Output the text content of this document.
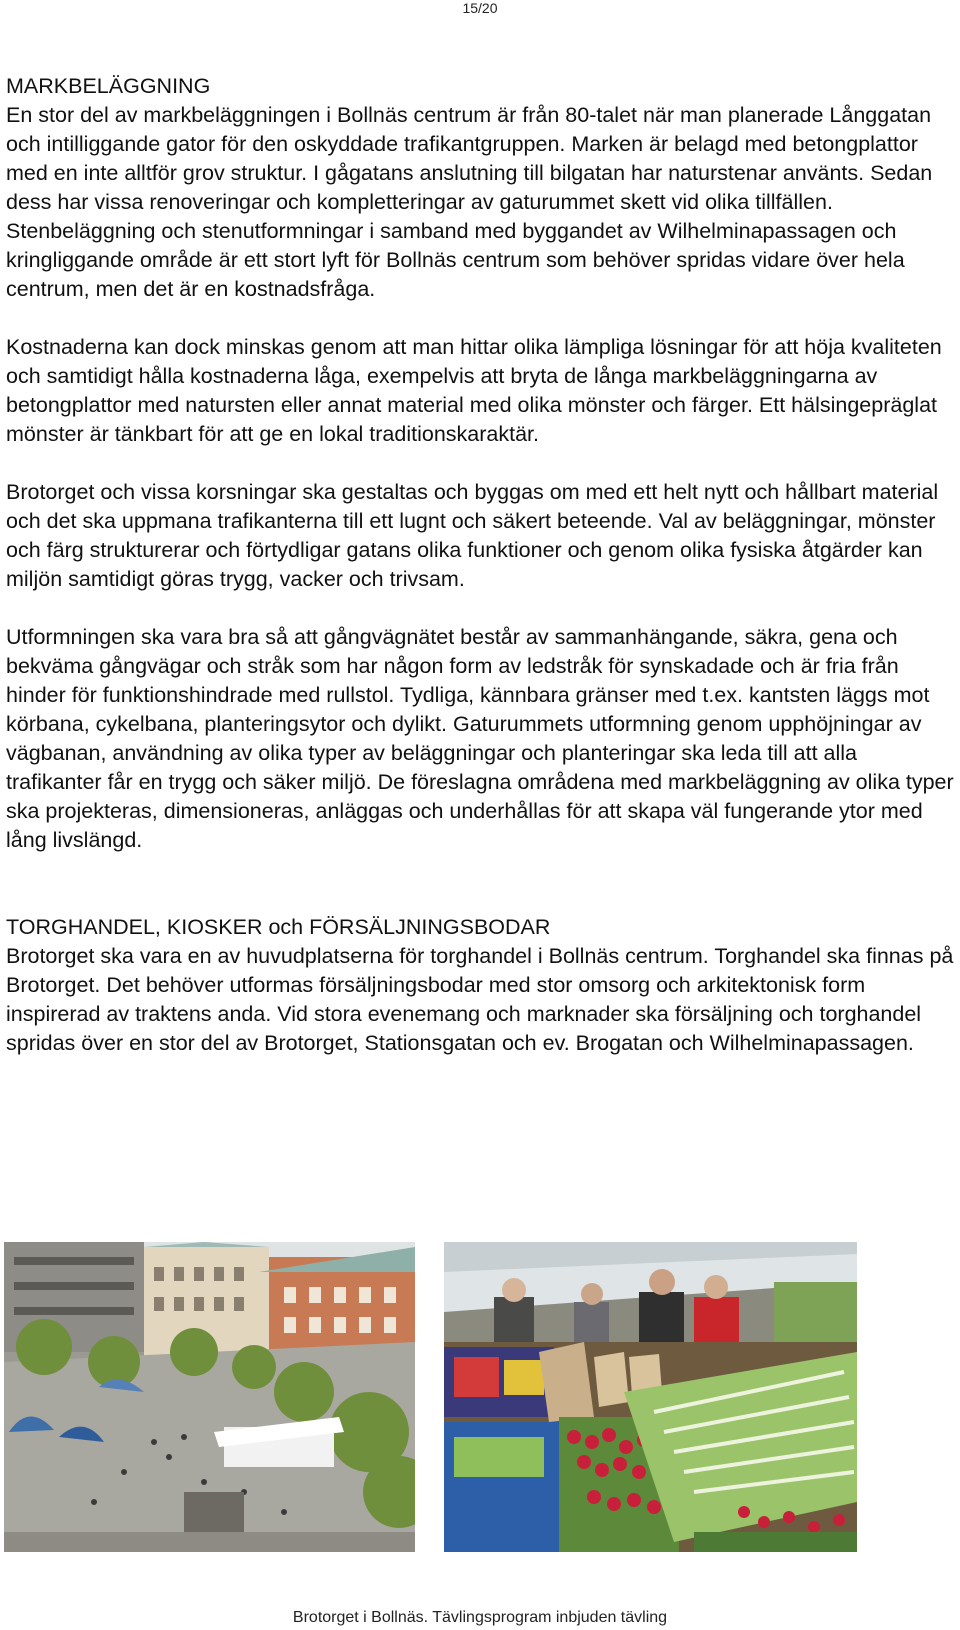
15/20
MARKBELÄGGNING

En stor del av markbeläggningen i Bollnäs centrum är från 80-talet när man planerade Långgatan och intilliggande gator för den oskyddade trafikantgruppen. Marken är belagd med betongplattor med en inte alltför grov struktur. I gågatans anslutning till bilgatan har naturstenar använts. Sedan dess har vissa renoveringar och kompletteringar av gaturummet skett vid olika tillfällen. Stenbeläggning och stenutformningar i samband med byggandet av Wilhelminapassagen och kringliggande område är ett stort lyft för Bollnäs centrum som behöver spridas vidare över hela centrum, men det är en kostnadsfråga.

Kostnaderna kan dock minskas genom att man hittar olika lämpliga lösningar för att höja kvaliteten och samtidigt hålla kostnaderna låga, exempelvis att bryta de långa markbeläggningarna av betongplattor med natursten eller annat material med olika mönster och färger. Ett hälsingepräglat mönster är tänkbart för att ge en lokal traditionskaraktär.

Brotorget och vissa korsningar ska gestaltas och byggas om med ett helt nytt och hållbart material och det ska uppmana trafikanterna till ett lugnt och säkert beteende. Val av beläggningar, mönster och färg strukturerar och förtydligar gatans olika funktioner och genom olika fysiska åtgärder kan miljön samtidigt göras trygg, vacker och trivsam.

Utformningen ska vara bra så att gångvägnätet består av sammanhängande, säkra, gena och bekväma gångvägar och stråk som har någon form av ledstråk för synskadade och är fria från hinder för funktionshindrade med rullstol. Tydliga, kännbara gränser med t.ex. kantsten läggs mot körbana, cykelbana, planteringsytor och dylikt. Gaturummets utformning genom upphöjningar av vägbanan, användning av olika typer av beläggningar och planteringar ska leda till att alla trafikanter får en trygg och säker miljö. De föreslagna områdena med markbeläggning av olika typer ska projekteras, dimensioneras, anläggas och underhållas för att skapa väl fungerande ytor med lång livslängd.

TORGHANDEL, KIOSKER och FÖRSÄLJNINGSBODAR

Brotorget ska vara en av huvudplatserna för torghandel i Bollnäs centrum. Torghandel ska finnas på Brotorget. Det behöver utformas försäljningsbodar med stor omsorg och arkitektonisk form inspirerad av traktens anda. Vid stora evenemang och marknader ska försäljning och torghandel spridas över en stor del av Brotorget, Stationsgatan och ev. Brogatan och Wilhelminapassagen.

Brotorget i Bollnäs. Tävlingsprogram inbjuden tävling
